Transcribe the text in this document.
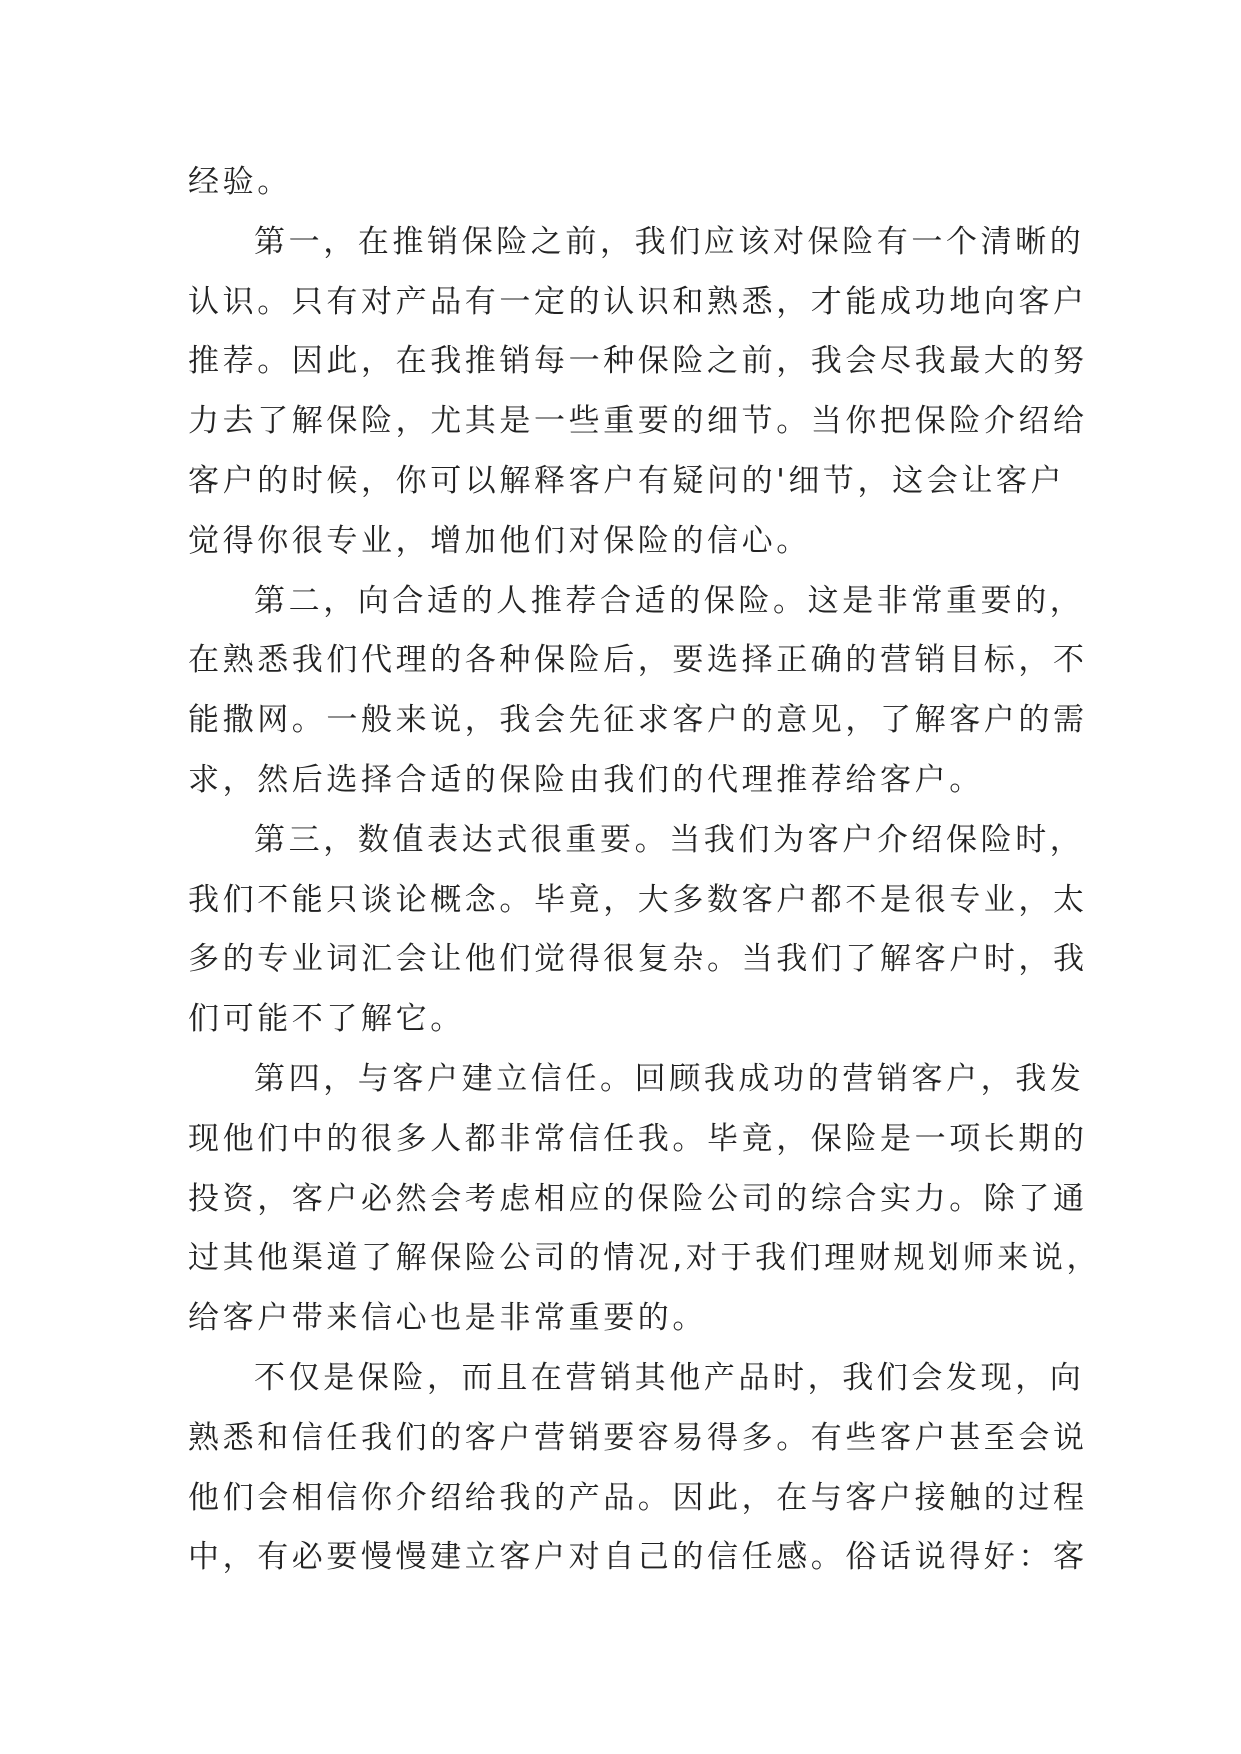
经验。
第一，在推销保险之前，我们应该对保险有一个清晰的
认识。只有对产品有一定的认识和熟悉，才能成功地向客户
推荐。因此，在我推销每一种保险之前，我会尽我最大的努
力去了解保险，尤其是一些重要的细节。当你把保险介绍给
客户的时候，你可以解释客户有疑问的'细节，这会让客户
觉得你很专业，增加他们对保险的信心。
第二，向合适的人推荐合适的保险。这是非常重要的，
在熟悉我们代理的各种保险后，要选择正确的营销目标，不
能撒网。一般来说，我会先征求客户的意见，了解客户的需
求，然后选择合适的保险由我们的代理推荐给客户。
第三，数值表达式很重要。当我们为客户介绍保险时，
我们不能只谈论概念。毕竟，大多数客户都不是很专业，太
多的专业词汇会让他们觉得很复杂。当我们了解客户时，我
们可能不了解它。
第四，与客户建立信任。回顾我成功的营销客户，我发
现他们中的很多人都非常信任我。毕竟，保险是一项长期的
投资，客户必然会考虑相应的保险公司的综合实力。除了通
过其他渠道了解保险公司的情况,对于我们理财规划师来说，
给客户带来信心也是非常重要的。
不仅是保险，而且在营销其他产品时，我们会发现，向
熟悉和信任我们的客户营销要容易得多。有些客户甚至会说
他们会相信你介绍给我的产品。因此，在与客户接触的过程
中，有必要慢慢建立客户对自己的信任感。俗话说得好：客
